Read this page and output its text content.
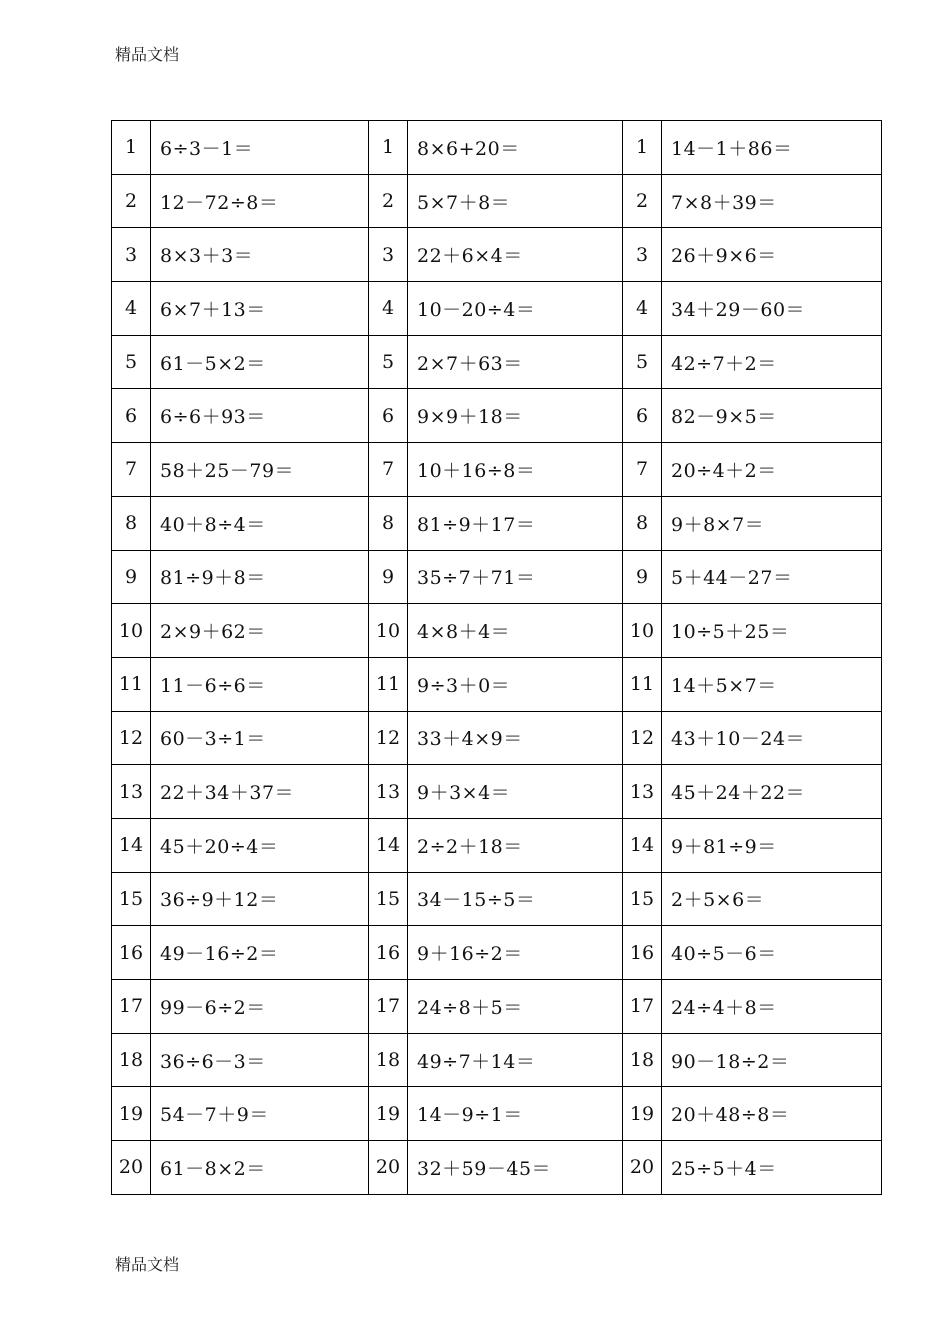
精品文档
1	6÷3－1＝	1	8×6+20＝	1	14－1＋86＝
2	12－72÷8＝	2	5×7＋8＝	2	7×8＋39＝
3	8×3＋3＝	3	22＋6×4＝	3	26＋9×6＝
4	6×7＋13＝	4	10－20÷4＝	4	34＋29－60＝
5	61－5×2＝	5	2×7＋63＝	5	42÷7＋2＝
6	6÷6＋93＝	6	9×9＋18＝	6	82－9×5＝
7	58＋25－79＝	7	10＋16÷8＝	7	20÷4＋2＝
8	40＋8÷4＝	8	81÷9＋17＝	8	9＋8×7＝
9	81÷9＋8＝	9	35÷7＋71＝	9	5＋44－27＝
10	2×9＋62＝	10	4×8＋4＝	10	10÷5＋25＝
11	11－6÷6＝	11	9÷3＋0＝	11	14＋5×7＝
12	60－3÷1＝	12	33＋4×9＝	12	43＋10－24＝
13	22＋34＋37＝	13	9＋3×4＝	13	45＋24＋22＝
14	45＋20÷4＝	14	2÷2＋18＝	14	9＋81÷9＝
15	36÷9＋12＝	15	34－15÷5＝	15	2＋5×6＝
16	49－16÷2＝	16	9＋16÷2＝	16	40÷5－6＝
17	99－6÷2＝	17	24÷8＋5＝	17	24÷4＋8＝
18	36÷6－3＝	18	49÷7＋14＝	18	90－18÷2＝
19	54－7＋9＝	19	14－9÷1＝	19	20＋48÷8＝
20	61－8×2＝	20	32＋59－45＝	20	25÷5＋4＝
精品文档
